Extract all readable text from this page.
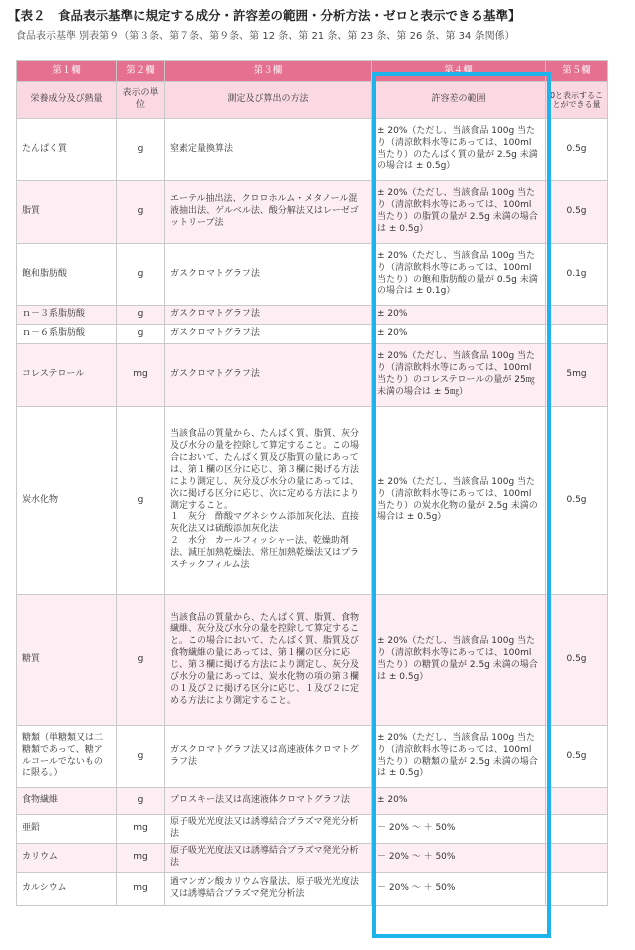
【表２　食品表示基準に規定する成分・許容差の範囲・分析方法・ゼロと表示できる基準】
食品表示基準 別表第９（第３条、第７条、第９条、第 12 条、第 21 条、第 23 条、第 26 条、第 34 条関係）
第１欄	第２欄	第３欄	第４欄	第５欄
栄養成分及び熱量	表示の単位	測定及び算出の方法	許容差の範囲	0と表示することができる量
たんぱく質	g	窒素定量換算法	± 20%（ただし、当該食品 100g 当たり（清涼飲料水等にあっては、100ml 当たり）のたんぱく質の量が 2.5g 未満の場合は ± 0.5g）	0.5g
脂質	g	エーテル抽出法、クロロホルム・メタノール混液抽出法、ゲルベル法、酸分解法又はレーゼゴットリーブ法	± 20%（ただし、当該食品 100g 当たり（清涼飲料水等にあっては、100ml 当たり）の脂質の量が 2.5g 未満の場合は ± 0.5g）	0.5g
飽和脂肪酸	g	ガスクロマトグラフ法	± 20%（ただし、当該食品 100g 当たり（清涼飲料水等にあっては、100ml 当たり）の飽和脂肪酸の量が 0.5g 未満の場合は ± 0.1g）	0.1g
ｎ－３系脂肪酸	g	ガスクロマトグラフ法	± 20%	
ｎ－６系脂肪酸	g	ガスクロマトグラフ法	± 20%	
コレステロール	mg	ガスクロマトグラフ法	± 20%（ただし、当該食品 100g 当たり（清涼飲料水等にあっては、100ml 当たり）のコレステロールの量が 25㎎未満の場合は ± 5㎎）	5mg
炭水化物	g	当該食品の質量から、たんぱく質、脂質、灰分及び水分の量を控除して算定すること。この場合において、たんぱく質及び脂質の量にあっては、第１欄の区分に応じ、第３欄に掲げる方法により測定し、灰分及び水分の量にあっては、次に掲げる区分に応じ、次に定める方法により測定すること。
１　灰分　酢酸マグネシウム添加灰化法、直接灰化法又は硫酸添加灰化法
２　水分　カールフィッシャー法、乾燥助剤法、減圧加熱乾燥法、常圧加熱乾燥法又はプラスチックフィルム法	± 20%（ただし、当該食品 100g 当たり（清涼飲料水等にあっては、100ml 当たり）の炭水化物の量が 2.5g 未満の場合は ± 0.5g）	0.5g
糖質	g	当該食品の質量から、たんぱく質、脂質、食物繊維、灰分及び水分の量を控除して算定すること。この場合において、たんぱく質、脂質及び食物繊維の量にあっては、第１欄の区分に応じ、第３欄に掲げる方法により測定し、灰分及び水分の量にあっては、炭水化物の項の第３欄の１及び２に掲げる区分に応じ、１及び２に定める方法により測定すること。	± 20%（ただし、当該食品 100g 当たり（清涼飲料水等にあっては、100ml 当たり）の糖質の量が 2.5g 未満の場合は ± 0.5g）	0.5g
糖類（単糖類又は二糖類であって、糖アルコールでないものに限る。）	g	ガスクロマトグラフ法又は高速液体クロマトグラフ法	± 20%（ただし、当該食品 100g 当たり（清涼飲料水等にあっては、100ml 当たり）の糖類の量が 2.5g 未満の場合は ± 0.5g）	0.5g
食物繊維	g	プロスキー法又は高速液体クロマトグラフ法	± 20%	
亜鉛	mg	原子吸光光度法又は誘導結合プラズマ発光分析法	－ 20% ～ ＋ 50%	
カリウム	mg	原子吸光光度法又は誘導結合プラズマ発光分析法	－ 20% ～ ＋ 50%	
カルシウム	mg	過マンガン酸カリウム容量法、原子吸光光度法又は誘導結合プラズマ発光分析法	－ 20% ～ ＋ 50%	
